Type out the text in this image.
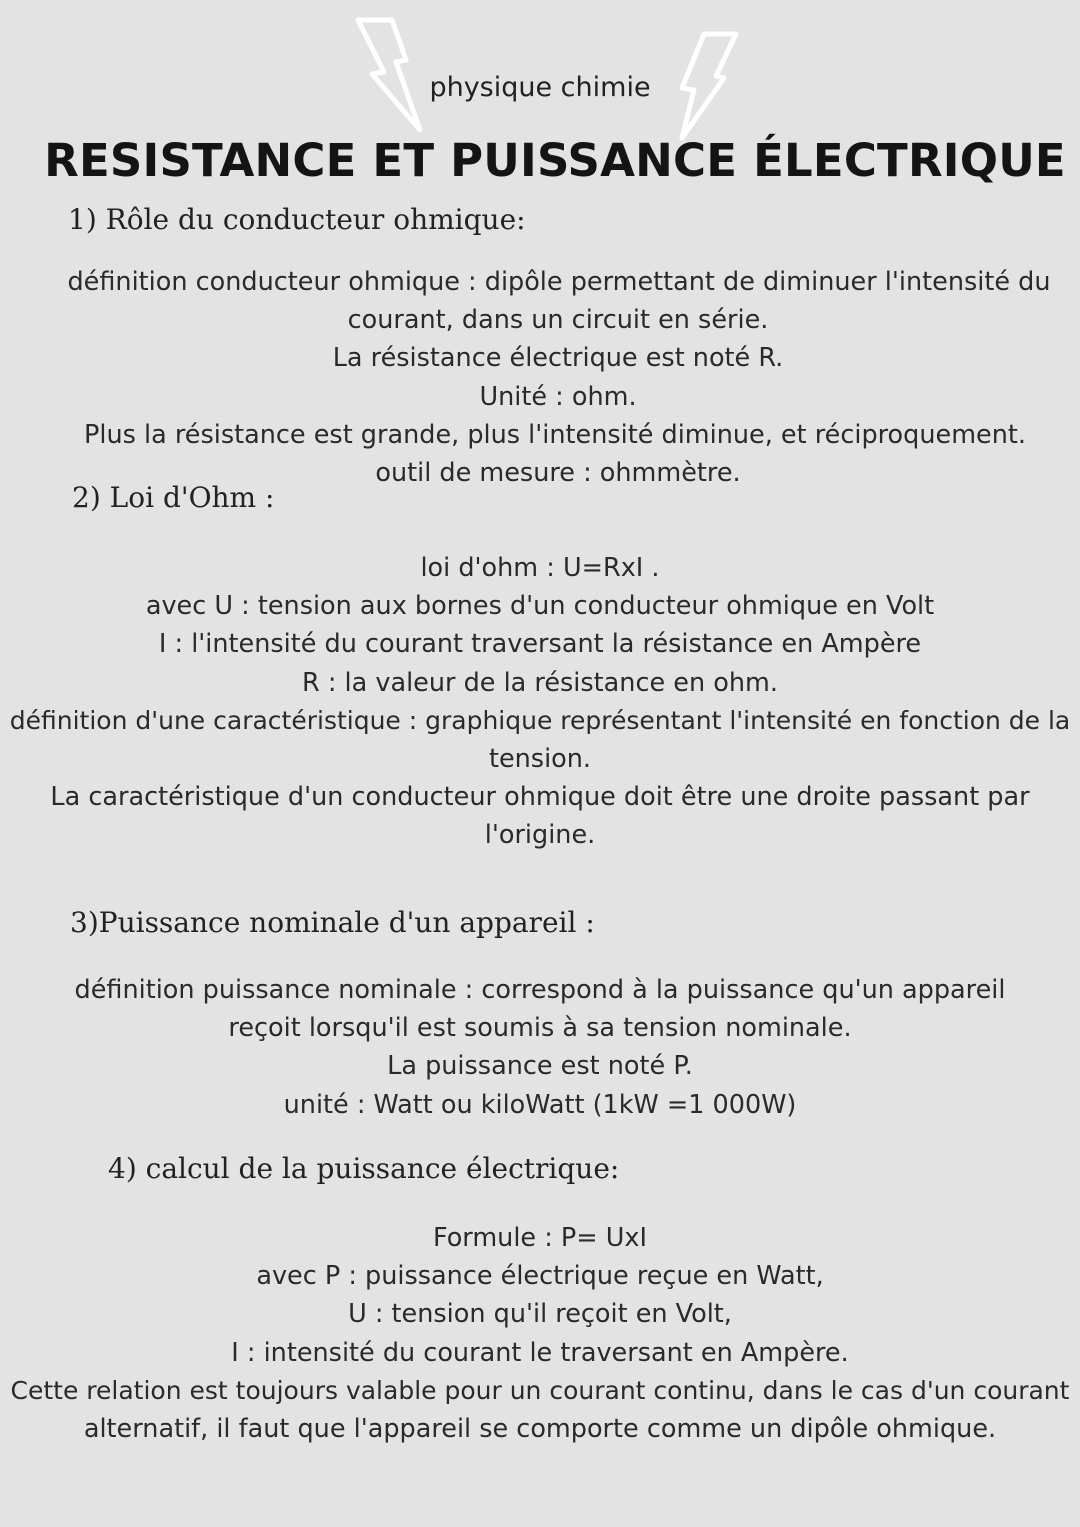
physique chimie
RESISTANCE ET PUISSANCE ÉLECTRIQUE
1) Rôle du conducteur ohmique:
définition conducteur ohmique : dipôle permettant de diminuer l'intensité du
courant, dans un circuit en série.
La résistance électrique est noté R.
Unité : ohm.
Plus la résistance est grande, plus l'intensité diminue, et réciproquement.
outil de mesure : ohmmètre.
2) Loi d'Ohm :
loi d'ohm : U=RxI .
avec U : tension aux bornes d'un conducteur ohmique en Volt
I : l'intensité du courant traversant la résistance en Ampère
R : la valeur de la résistance en ohm.
définition d'une caractéristique : graphique représentant l'intensité en fonction de la
tension.
La caractéristique d'un conducteur ohmique doit être une droite passant par
l'origine.
3)Puissance nominale d'un appareil :
définition puissance nominale : correspond à la puissance qu'un appareil
reçoit lorsqu'il est soumis à sa tension nominale.
La puissance est noté P.
unité : Watt ou kiloWatt (1kW =1 000W)
4) calcul de la puissance électrique:
Formule : P= UxI
avec P : puissance électrique reçue en Watt,
U : tension qu'il reçoit en Volt,
I : intensité du courant le traversant en Ampère.
Cette relation est toujours valable pour un courant continu, dans le cas d'un courant
alternatif, il faut que l'appareil se comporte comme un dipôle ohmique.
